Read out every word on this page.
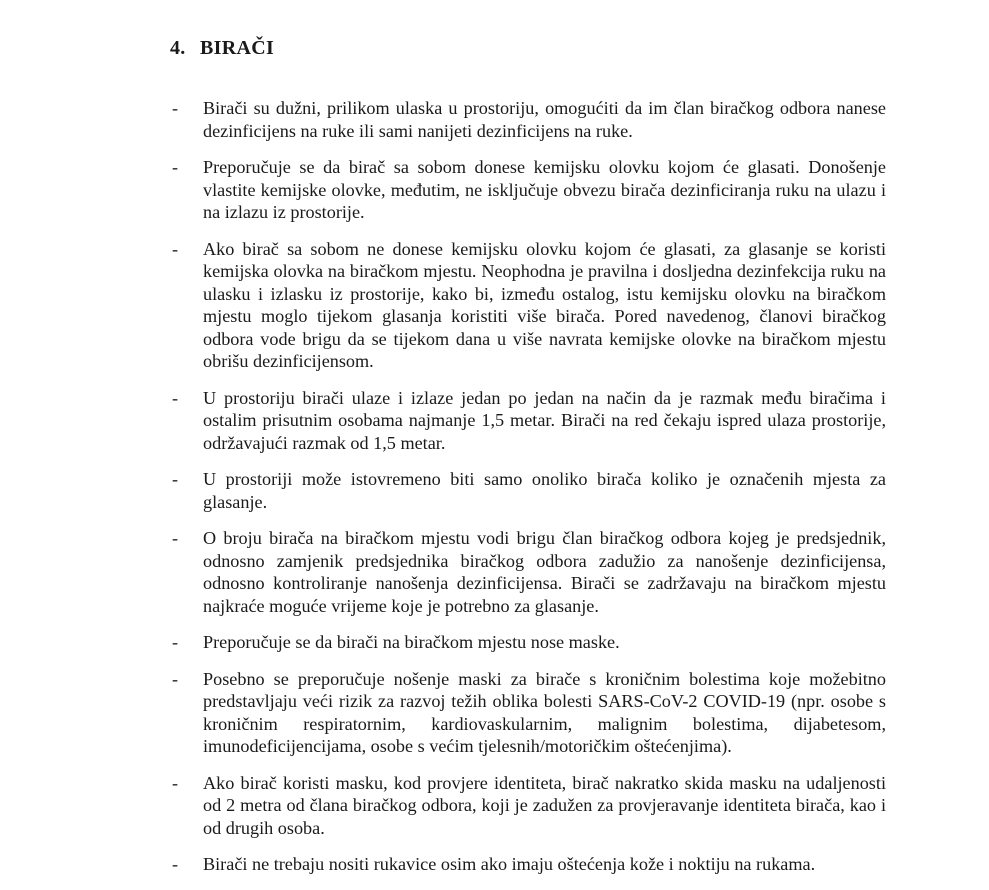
4. BIRAČI
- Birači su dužni, prilikom ulaska u prostoriju, omogućiti da im član biračkog odbora nanese dezinficijens na ruke ili sami nanijeti dezinficijens na ruke.
- Preporučuje se da birač sa sobom donese kemijsku olovku kojom će glasati. Donošenje vlastite kemijske olovke, međutim, ne isključuje obvezu birača dezinficiranja ruku na ulazu i na izlazu iz prostorije.
- Ako birač sa sobom ne donese kemijsku olovku kojom će glasati, za glasanje se koristi kemijska olovka na biračkom mjestu. Neophodna je pravilna i dosljedna dezinfekcija ruku na ulasku i izlasku iz prostorije, kako bi, između ostalog, istu kemijsku olovku na biračkom mjestu moglo tijekom glasanja koristiti više birača. Pored navedenog, članovi biračkog odbora vode brigu da se tijekom dana u više navrata kemijske olovke na biračkom mjestu obrišu dezinficijensom.
- U prostoriju birači ulaze i izlaze jedan po jedan na način da je razmak među biračima i ostalim prisutnim osobama najmanje 1,5 metar. Birači na red čekaju ispred ulaza prostorije, održavajući razmak od 1,5 metar.
- U prostoriji može istovremeno biti samo onoliko birača koliko je označenih mjesta za glasanje.
- O broju birača na biračkom mjestu vodi brigu član biračkog odbora kojeg je predsjednik, odnosno zamjenik predsjednika biračkog odbora zadužio za nanošenje dezinficijensa, odnosno kontroliranje nanošenja dezinficijensa. Birači se zadržavaju na biračkom mjestu najkraće moguće vrijeme koje je potrebno za glasanje.
- Preporučuje se da birači na biračkom mjestu nose maske.
- Posebno se preporučuje nošenje maski za birače s kroničnim bolestima koje možebitno predstavljaju veći rizik za razvoj težih oblika bolesti SARS-CoV-2 COVID-19 (npr. osobe s kroničnim respiratornim, kardiovaskularnim, malignim bolestima, dijabetesom, imunodeficijencijama, osobe s većim tjelesnih/motoričkim oštećenjima).
- Ako birač koristi masku, kod provjere identiteta, birač nakratko skida masku na udaljenosti od 2 metra od člana biračkog odbora, koji je zadužen za provjeravanje identiteta birača, kao i od drugih osoba.
- Birači ne trebaju nositi rukavice osim ako imaju oštećenja kože i noktiju na rukama.
